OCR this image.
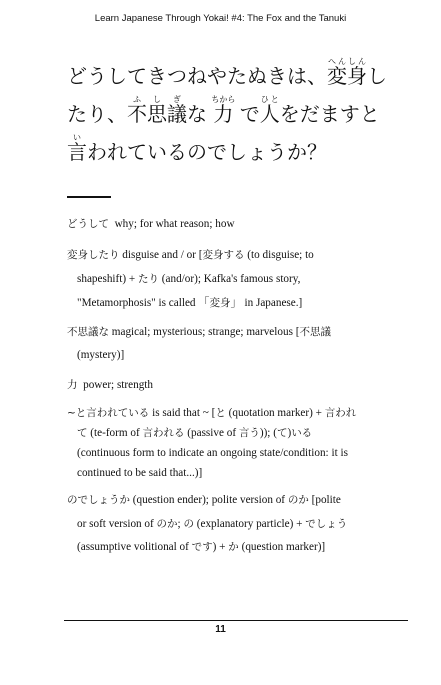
Learn Japanese Through Yokai! #4: The Fox and the Tanuki
どうしてきつねやたぬきは、変身へんしんし
たり、不思議ふしぎな 力ちから で人ひとをだますと
言いわれているのでしょうか？
どうして why; for what reason; how
変身したり disguise and / or [変身する (to disguise; to
shapeshift) + たり (and/or); Kafka's famous story,
"Metamorphosis" is called 「変身」 in Japanese.]
不思議な magical; mysterious; strange; marvelous [不思議
(mystery)]
力 power; strength
~と言われている is said that ~ [と (quotation marker) + 言われ
て (te-form of 言われる (passive of 言う)); (て)いる
(continuous form to indicate an ongoing state/condition: it is
continued to be said that...)]
のでしょうか (question ender); polite version of のか [polite
or soft version of のか; の (explanatory particle) + でしょう
(assumptive volitional of です) + か (question marker)]
11
